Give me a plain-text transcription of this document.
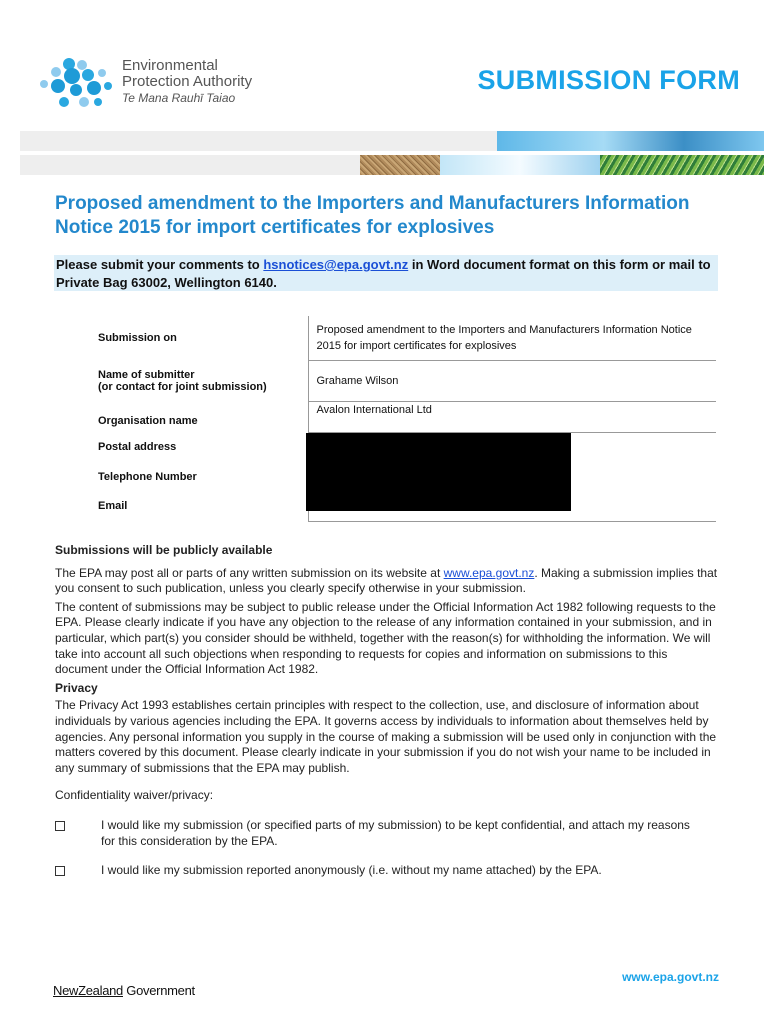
Environmental
Protection Authority
Te Mana Rauhī Taiao
SUBMISSION FORM
Proposed amendment to the Importers and Manufacturers Information Notice 2015 for import certificates for explosives
Please submit your comments to hsnotices@epa.govt.nz in Word document format on this form or mail to Private Bag 63002, Wellington 6140.
Submission on	Proposed amendment to the Importers and Manufacturers Information Notice 2015 for import certificates for explosives

Name of submitter
(or contact for joint submission)	Grahame Wilson
Organisation name	Avalon International Ltd
Postal address	
Telephone Number	
Email	
Submissions will be publicly available

The EPA may post all or parts of any written submission on its website at www.epa.govt.nz. Making a submission implies that you consent to such publication, unless you clearly specify otherwise in your submission.

The content of submissions may be subject to public release under the Official Information Act 1982 following requests to the EPA. Please clearly indicate if you have any objection to the release of any information contained in your submission, and in particular, which part(s) you consider should be withheld, together with the reason(s) for withholding the information. We will take into account all such objections when responding to requests for copies and information on submissions to this document under the Official Information Act 1982.

Privacy

The Privacy Act 1993 establishes certain principles with respect to the collection, use, and disclosure of information about individuals by various agencies including the EPA. It governs access by individuals to information about themselves held by agencies. Any personal information you supply in the course of making a submission will be used only in conjunction with the matters covered by this document. Please clearly indicate in your submission if you do not wish your name to be included in any summary of submissions that the EPA may publish.

Confidentiality waiver/privacy:

I would like my submission (or specified parts of my submission) to be kept confidential, and attach my reasons for this consideration by the EPA.
I would like my submission reported anonymously (i.e. without my name attached) by the EPA.
www.epa.govt.nz
NewZealand Government
